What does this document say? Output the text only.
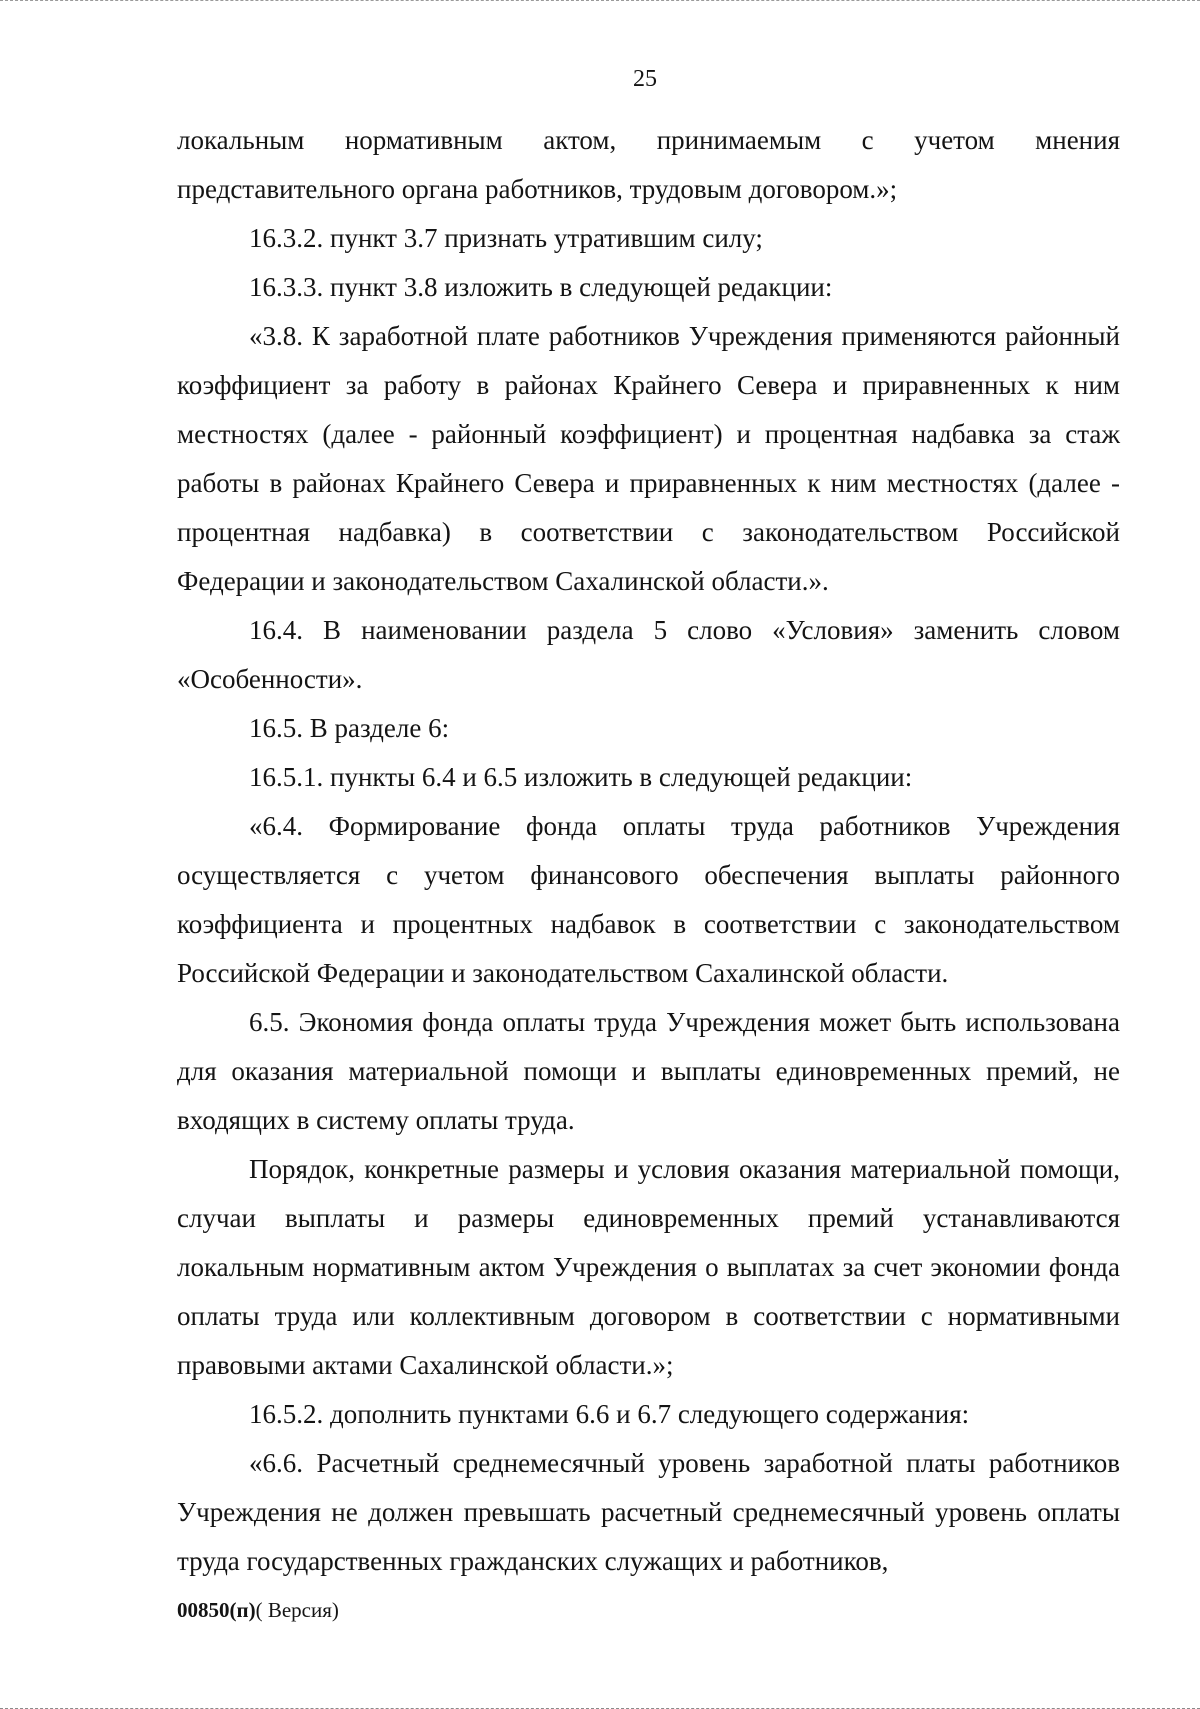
25

локальным нормативным актом, принимаемым с учетом мнения представительного органа работников, трудовым договором.»;

16.3.2. пункт 3.7 признать утратившим силу;

16.3.3. пункт 3.8 изложить в следующей редакции:

«3.8. К заработной плате работников Учреждения применяются районный коэффициент за работу в районах Крайнего Севера и приравненных к ним местностях (далее - районный коэффициент) и процентная надбавка за стаж работы в районах Крайнего Севера и приравненных к ним местностях (далее - процентная надбавка) в соответствии с законодательством Российской Федерации и законодательством Сахалинской области.».

16.4. В наименовании раздела 5 слово «Условия» заменить словом «Особенности».

16.5. В разделе 6:

16.5.1. пункты 6.4 и 6.5 изложить в следующей редакции:

«6.4. Формирование фонда оплаты труда работников Учреждения осуществляется с учетом финансового обеспечения выплаты районного коэффициента и процентных надбавок в соответствии с законодательством Российской Федерации и законодательством Сахалинской области.

6.5. Экономия фонда оплаты труда Учреждения может быть использована для оказания материальной помощи и выплаты единовременных премий, не входящих в систему оплаты труда.

Порядок, конкретные размеры и условия оказания материальной помощи, случаи выплаты и размеры единовременных премий устанавливаются локальным нормативным актом Учреждения о выплатах за счет экономии фонда оплаты труда или коллективным договором в соответствии с нормативными правовыми актами Сахалинской области.»;

16.5.2. дополнить пунктами 6.6 и 6.7 следующего содержания:

«6.6. Расчетный среднемесячный уровень заработной платы работников Учреждения не должен превышать расчетный среднемесячный уровень оплаты труда государственных гражданских служащих и работников,

00850(п)( Версия)
